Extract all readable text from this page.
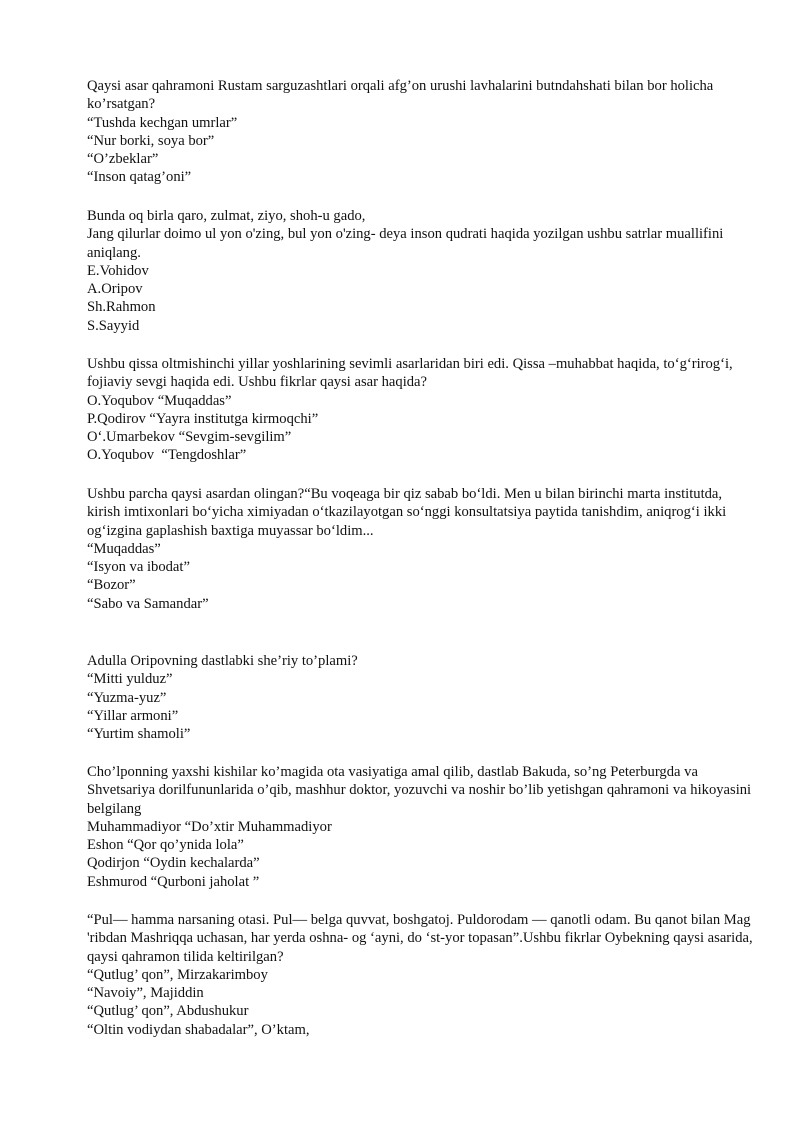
Qaysi asar qahramoni Rustam sarguzashtlari orqali afg’on urushi lavhalarini butndahshati bilan bor holicha ko’rsatgan?
“Tushda kechgan umrlar”
“Nur borki, soya bor”
“O’zbeklar”
“Inson qatag’oni”
Bunda oq birla qaro, zulmat, ziyo, shoh-u gado,
Jang qilurlar doimo ul yon o'zing, bul yon o'zing- deya inson qudrati haqida yozilgan ushbu satrlar muallifini aniqlang.
E.Vohidov
A.Oripov
Sh.Rahmon
S.Sayyid
Ushbu qissa oltmishinchi yillar yoshlarining sevimli asarlaridan biri edi. Qissa –muhabbat haqida, to‘g‘rirog‘i, fojiaviy sevgi haqida edi. Ushbu fikrlar qaysi asar haqida?
O.Yoqubov “Muqaddas”
P.Qodirov “Yayra institutga kirmoqchi”
O‘.Umarbekov “Sevgim-sevgilim”
O.Yoqubov  “Tengdoshlar”
Ushbu parcha qaysi asardan olingan?“Bu voqeaga bir qiz sabab bo‘ldi. Men u bilan birinchi marta institutda, kirish imtixonlari bo‘yicha ximiyadan o‘tkazilayotgan so‘nggi konsultatsiya paytida tanishdim, aniqrog‘i ikki og‘izgina gaplashish baxtiga muyassar bo‘ldim...
“Muqaddas”
“Isyon va ibodat”
“Bozor”
“Sabo va Samandar”
Adulla Oripovning dastlabki she’riy to’plami?
“Mitti yulduz”
“Yuzma-yuz”
“Yillar armoni”
“Yurtim shamoli”
Cho’lponning yaxshi kishilar ko’magida ota vasiyatiga amal qilib, dastlab Bakuda, so’ng Peterburgda va Shvetsariya dorilfununlarida o’qib, mashhur doktor, yozuvchi va noshir bo’lib yetishgan qahramoni va hikoyasini belgilang
Muhammadiyor “Do’xtir Muhammadiyor
Eshon “Qor qo’ynida lola”
Qodirjon “Oydin kechalarda”
Eshmurod “Qurboni jaholat ”
“Pul— hamma narsaning otasi. Pul— belga quvvat, boshgatoj. Puldorodam — qanotli odam. Bu qanot bilan Mag 'ribdan Mashriqqa uchasan, har yerda oshna- og ‘ayni, do ‘st-yor topasan”.Ushbu fikrlar Oybekning qaysi asarida, qaysi qahramon tilida keltirilgan?
“Qutlug’ qon”, Mirzakarimboy
“Navoiy”, Majiddin
“Qutlug’ qon”, Abdushukur
“Oltin vodiydan shabadalar”, O’ktam,
